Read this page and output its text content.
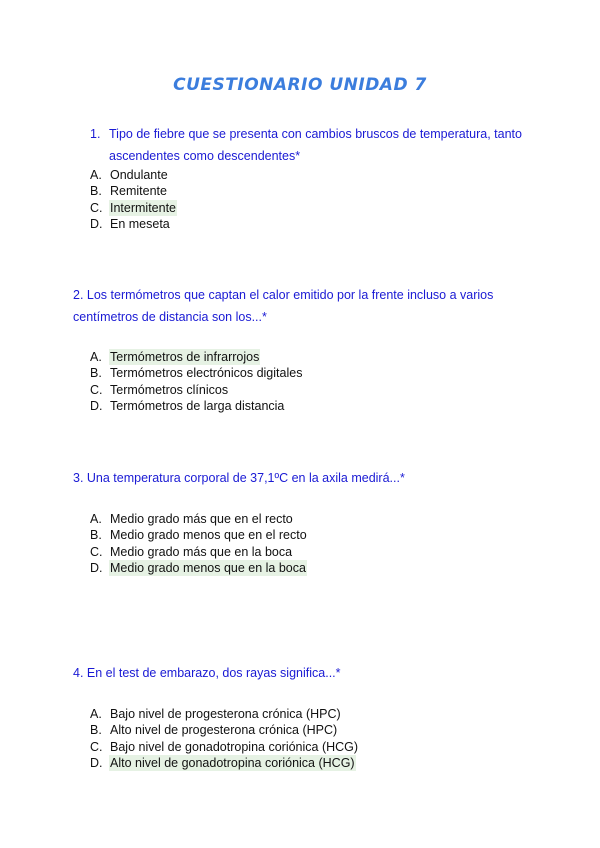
CUESTIONARIO UNIDAD 7
1. Tipo de fiebre que se presenta con cambios bruscos de temperatura, tanto ascendentes como descendentes*
A. Ondulante
B. Remitente
C. Intermitente
D. En meseta
2. Los termómetros que captan el calor emitido por la frente incluso a varios centímetros de distancia son los...*
A. Termómetros de infrarrojos
B. Termómetros electrónicos digitales
C. Termómetros clínicos
D. Termómetros de larga distancia
3. Una temperatura corporal de 37,1ºC en la axila medirá...*
A. Medio grado más que en el recto
B. Medio grado menos que en el recto
C. Medio grado más que en la boca
D. Medio grado menos que en la boca
4. En el test de embarazo, dos rayas significa...*
A. Bajo nivel de progesterona crónica (HPC)
B. Alto nivel de progesterona crónica (HPC)
C. Bajo nivel de gonadotropina coriónica (HCG)
D. Alto nivel de gonadotropina coriónica (HCG)
